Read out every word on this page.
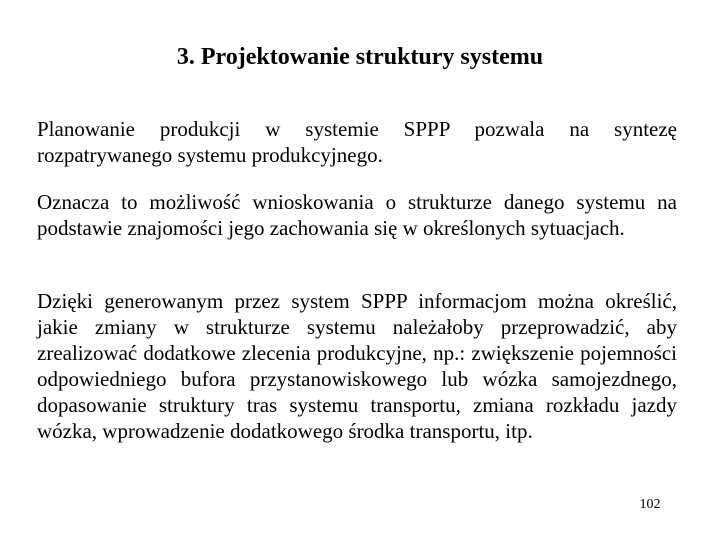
3. Projektowanie struktury systemu

Planowanie produkcji w systemie SPPP pozwala na syntezę rozpatrywanego systemu produkcyjnego.

Oznacza to możliwość wnioskowania o strukturze danego systemu na podstawie znajomości jego zachowania się w określonych sytuacjach.

Dzięki generowanym przez system SPPP informacjom można określić, jakie zmiany w strukturze systemu należałoby przeprowadzić, aby zrealizować dodatkowe zlecenia produkcyjne, np.: zwiększenie pojemności odpowiedniego bufora przystanowiskowego lub wózka samojezdnego, dopasowanie struktury tras systemu transportu, zmiana rozkładu jazdy wózka, wprowadzenie dodatkowego środka transportu, itp.

102
